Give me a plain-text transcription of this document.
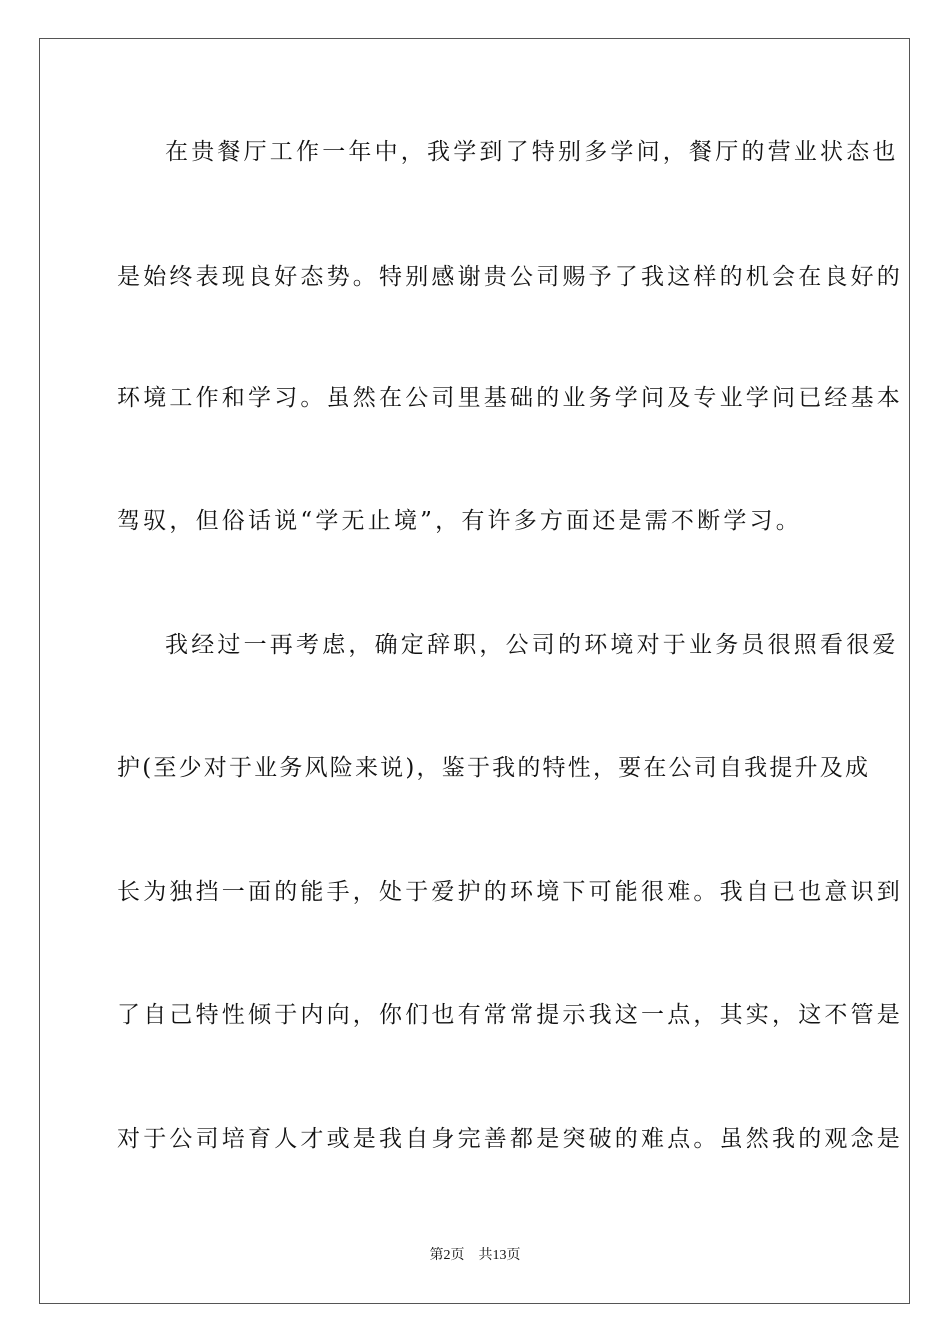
在贵餐厅工作一年中，我学到了特别多学问，餐厅的营业状态也
是始终表现良好态势。特别感谢贵公司赐予了我这样的机会在良好的
环境工作和学习。虽然在公司里基础的业务学问及专业学问已经基本
驾驭，但俗话说“学无止境”，有许多方面还是需不断学习。
我经过一再考虑，确定辞职，公司的环境对于业务员很照看很爱
护(至少对于业务风险来说)，鉴于我的特性，要在公司自我提升及成
长为独挡一面的能手，处于爱护的环境下可能很难。我自已也意识到
了自己特性倾于内向，你们也有常常提示我这一点，其实，这不管是
对于公司培育人才或是我自身完善都是突破的难点。虽然我的观念是
第2页 共13页
